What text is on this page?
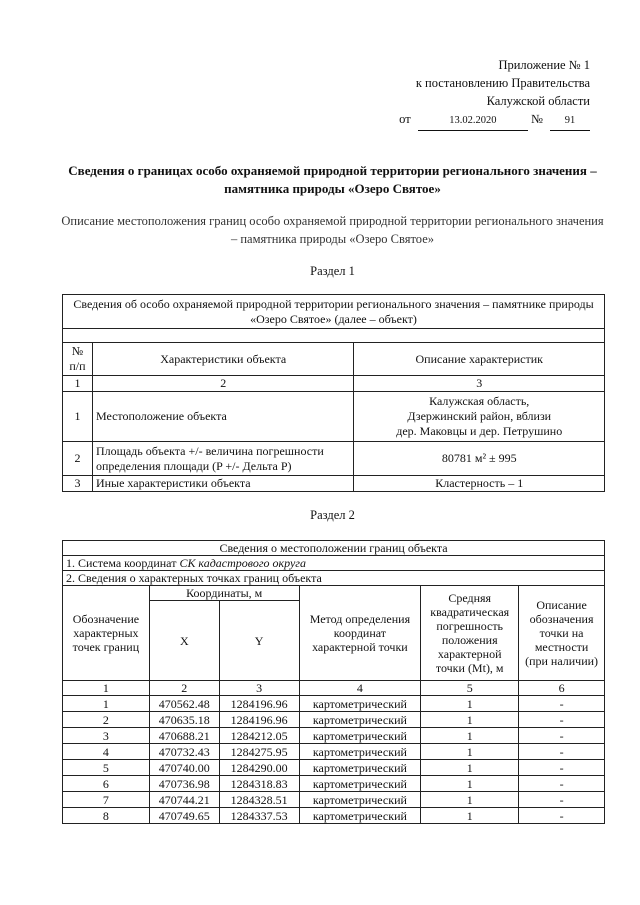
Приложение № 1
к постановлению Правительства
Калужской области
от	13.02.2020	№ 91
Сведения о границах особо охраняемой природной территории регионального значения – памятника природы «Озеро Святое»
Описание местоположения границ особо охраняемой природной территории регионального значения – памятника природы «Озеро Святое»
Раздел 1
Сведения об особо охраняемой природной территории регионального значения – памятнике природы «Озеро Святое» (далее – объект)		

№ п/п	Характеристики объекта	Описание характеристик
1	2	3
1	Местоположение объекта	Калужская область,
Дзержинский район, вблизи
дер. Маковцы и дер. Петрушино

2	Площадь объекта +/- величина погрешности определения площади (P +/- Дельта P)	80781 м² ± 995
3	Иные характеристики объекта	Кластерность – 1
Раздел 2
Сведения о местоположении границ объекта					
1. Система координат СК кадастрового округа					
2. Сведения о характерных точках границ объекта					
Обозначение характерных точек границ	Координаты, м		Метод определения координат характерной точки	Средняя квадратическая погрешность положения характерной точки (Mt), м	Описание обозначения точки на местности (при наличии)
	X	Y			
1	2	3	4	5	6
1	470562.48	1284196.96	картометрический	1	-
2	470635.18	1284196.96	картометрический	1	-
3	470688.21	1284212.05	картометрический	1	-
4	470732.43	1284275.95	картометрический	1	-
5	470740.00	1284290.00	картометрический	1	-
6	470736.98	1284318.83	картометрический	1	-
7	470744.21	1284328.51	картометрический	1	-
8	470749.65	1284337.53	картометрический	1	-
